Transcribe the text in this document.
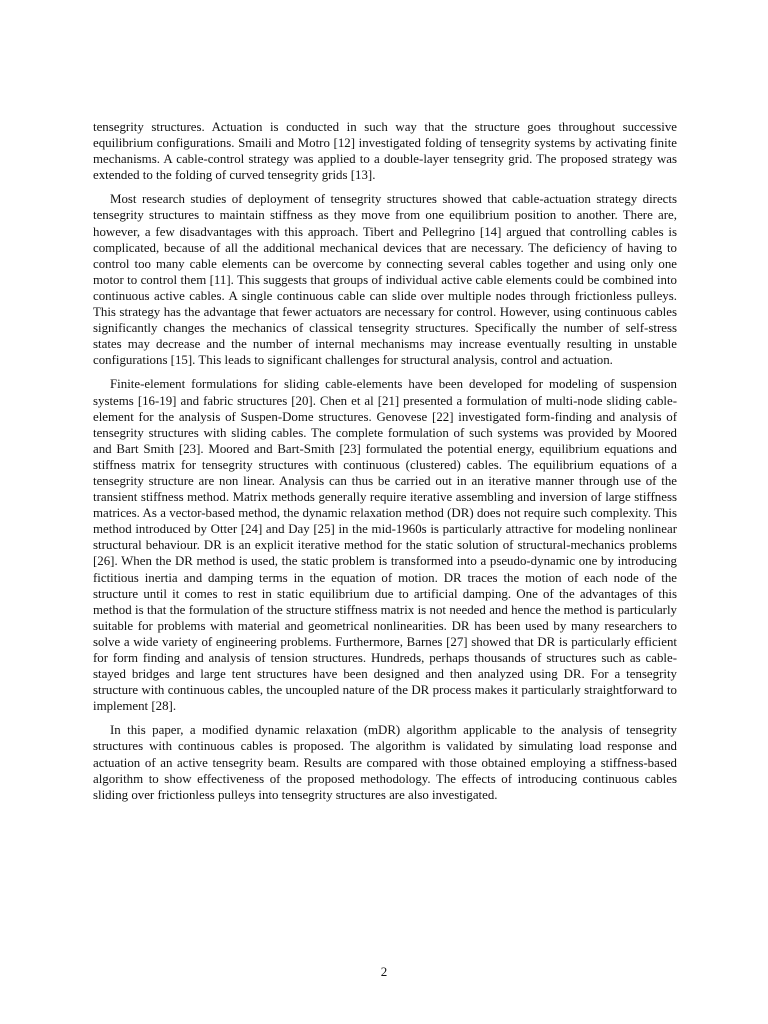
tensegrity structures. Actuation is conducted in such way that the structure goes throughout successive equilibrium configurations. Smaili and Motro [12] investigated folding of tensegrity systems by activating finite mechanisms. A cable-control strategy was applied to a double-layer tensegrity grid. The proposed strategy was extended to the folding of curved tensegrity grids [13].

Most research studies of deployment of tensegrity structures showed that cable-actuation strategy directs tensegrity structures to maintain stiffness as they move from one equilibrium position to another. There are, however, a few disadvantages with this approach. Tibert and Pellegrino [14] argued that controlling cables is complicated, because of all the additional mechanical devices that are necessary. The deficiency of having to control too many cable elements can be overcome by connecting several cables together and using only one motor to control them [11]. This suggests that groups of individual active cable elements could be combined into continuous active cables. A single continuous cable can slide over multiple nodes through frictionless pulleys. This strategy has the advantage that fewer actuators are necessary for control. However, using continuous cables significantly changes the mechanics of classical tensegrity structures. Specifically the number of self-stress states may decrease and the number of internal mechanisms may increase eventually resulting in unstable configurations [15]. This leads to significant challenges for structural analysis, control and actuation.

Finite-element formulations for sliding cable-elements have been developed for modeling of suspension systems [16-19] and fabric structures [20]. Chen et al [21] presented a formulation of multi-node sliding cable-element for the analysis of Suspen-Dome structures. Genovese [22] investigated form-finding and analysis of tensegrity structures with sliding cables. The complete formulation of such systems was provided by Moored and Bart Smith [23]. Moored and Bart-Smith [23] formulated the potential energy, equilibrium equations and stiffness matrix for tensegrity structures with continuous (clustered) cables. The equilibrium equations of a tensegrity structure are non linear. Analysis can thus be carried out in an iterative manner through use of the transient stiffness method. Matrix methods generally require iterative assembling and inversion of large stiffness matrices. As a vector-based method, the dynamic relaxation method (DR) does not require such complexity. This method introduced by Otter [24] and Day [25] in the mid-1960s is particularly attractive for modeling nonlinear structural behaviour. DR is an explicit iterative method for the static solution of structural-mechanics problems [26]. When the DR method is used, the static problem is transformed into a pseudo-dynamic one by introducing fictitious inertia and damping terms in the equation of motion. DR traces the motion of each node of the structure until it comes to rest in static equilibrium due to artificial damping. One of the advantages of this method is that the formulation of the structure stiffness matrix is not needed and hence the method is particularly suitable for problems with material and geometrical nonlinearities. DR has been used by many researchers to solve a wide variety of engineering problems. Furthermore, Barnes [27] showed that DR is particularly efficient for form finding and analysis of tension structures. Hundreds, perhaps thousands of structures such as cable-stayed bridges and large tent structures have been designed and then analyzed using DR. For a tensegrity structure with continuous cables, the uncoupled nature of the DR process makes it particularly straightforward to implement [28].

In this paper, a modified dynamic relaxation (mDR) algorithm applicable to the analysis of tensegrity structures with continuous cables is proposed. The algorithm is validated by simulating load response and actuation of an active tensegrity beam. Results are compared with those obtained employing a stiffness-based algorithm to show effectiveness of the proposed methodology. The effects of introducing continuous cables sliding over frictionless pulleys into tensegrity structures are also investigated.

2
